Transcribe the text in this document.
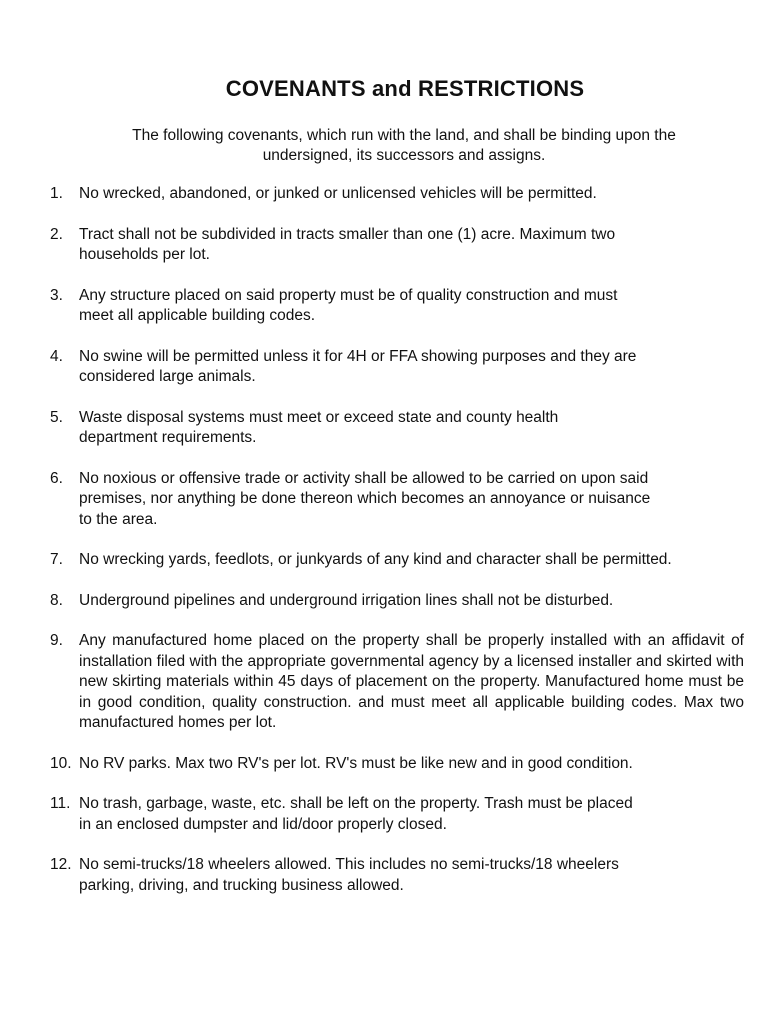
COVENANTS and RESTRICTIONS
The following covenants, which run with the land, and shall be binding upon the undersigned, its successors and assigns.
1.	No wrecked, abandoned, or junked or unlicensed vehicles will be permitted.
2.	Tract shall not be subdivided in tracts smaller than one (1) acre. Maximum two
households per lot.
3.	Any structure placed on said property must be of quality construction and must
meet all applicable building codes.
4.	No swine will be permitted unless it for 4H or FFA showing purposes and they are
considered large animals.
5.	Waste disposal systems must meet or exceed state and county health
department requirements.
6.	No noxious or offensive trade or activity shall be allowed to be carried on upon said
premises, nor anything be done thereon which becomes an annoyance or nuisance
to the area.
7.	No wrecking yards, feedlots, or junkyards of any kind and character shall be permitted.
8.	Underground pipelines and underground irrigation lines shall not be disturbed.
9.	Any manufactured home placed on the property shall be properly installed with an affidavit of installation filed with the appropriate governmental agency by a licensed installer and skirted with new skirting materials within 45 days of placement on the property. Manufactured home must be in good condition, quality construction. and must meet all applicable building codes. Max two manufactured homes per lot.
10. No RV parks. Max two RV's per lot. RV's must be like new and in good condition.
11. No trash, garbage, waste, etc. shall be left on the property. Trash must be placed
in an enclosed dumpster and lid/door properly closed.
12. No semi-trucks/18 wheelers allowed. This includes no semi-trucks/18 wheelers
parking, driving, and trucking business allowed.
